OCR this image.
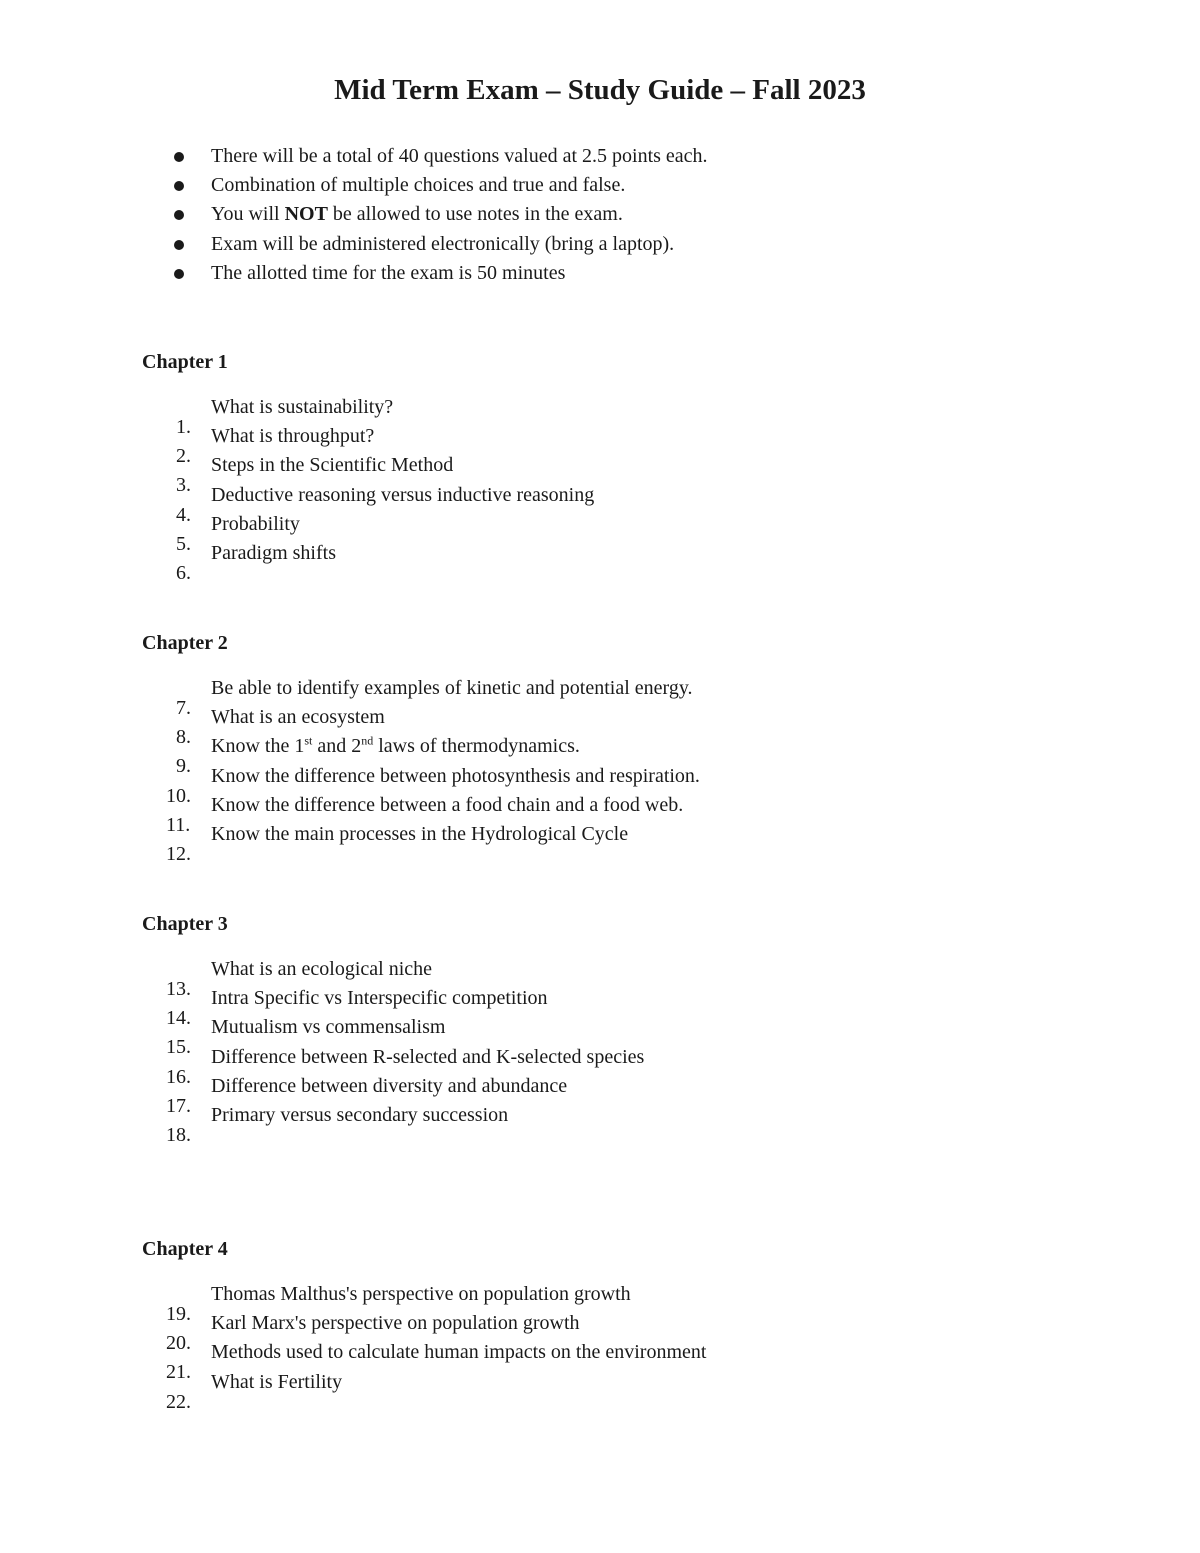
Mid Term Exam – Study Guide – Fall 2023
There will be a total of 40 questions valued at 2.5 points each.
Combination of multiple choices and true and false.
You will NOT be allowed to use notes in the exam.
Exam will be administered electronically (bring a laptop).
The allotted time for the exam is 50 minutes
Chapter 1
1.
What is sustainability?
2.
What is throughput?
3.
Steps in the Scientific Method
4.
Deductive reasoning versus inductive reasoning
5.
Probability
6.
Paradigm shifts
Chapter 2
7.
Be able to identify examples of kinetic and potential energy.
8.
What is an ecosystem
9.
Know the 1st and 2nd laws of thermodynamics.
10.
Know the difference between photosynthesis and respiration.
11.
Know the difference between a food chain and a food web.
12.
Know the main processes in the Hydrological Cycle
Chapter 3
13.
What is an ecological niche
14.
Intra Specific vs Interspecific competition
15.
Mutualism vs commensalism
16.
Difference between R-selected and K-selected species
17.
Difference between diversity and abundance
18.
Primary versus secondary succession
Chapter 4
19.
Thomas Malthus's perspective on population growth
20.
Karl Marx's perspective on population growth
21.
Methods used to calculate human impacts on the environment
22.
What is Fertility
